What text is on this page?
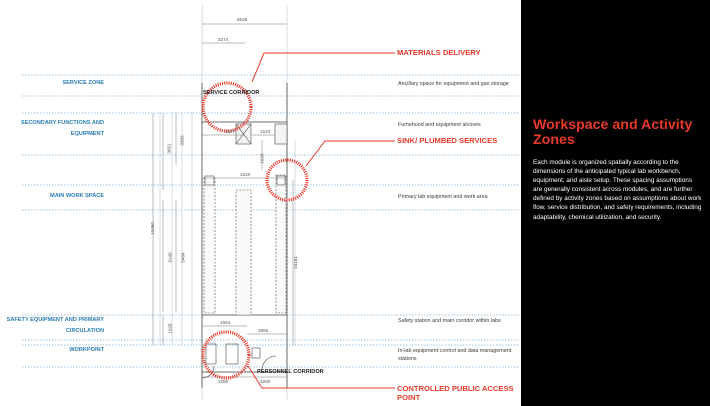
SERVICE ZONE
SECONDARY FUNCTIONS AND EQUIPMENT
MAIN WORK SPACE
SAFETY EQUIPMENT AND PRIMARY CIRCULATION
WORKPOINT
Ancillary space for equipment and gas storage
Fumehood and equipment alcoves
Primary lab equipment and work area
Safety station and main corridor within labs
In-lab equipment control and data management stations
MATERIALS DELIVERY
SINK/ PLUMBED SERVICES
CONTROLLED PUBLIC ACCESS POINT
SERVICE CORRIDOR
PERSONNEL CORRIDOR
6548
3274
1827	1523
1510
1664
2965
3350	3250
3651
3393
1520
13450
9140 5484	10181
1628
Workspace and Activity Zones
Each module is organized spatially according to the dimensions of the anticipated typical lab workbench, equipment, and aisle setup. These spacing assumptions are generally consistent across modules, and are further defined by activity zones based on assumptions about work flow, service distribution, and safety requirements, including adaptability, chemical utilization, and security.
